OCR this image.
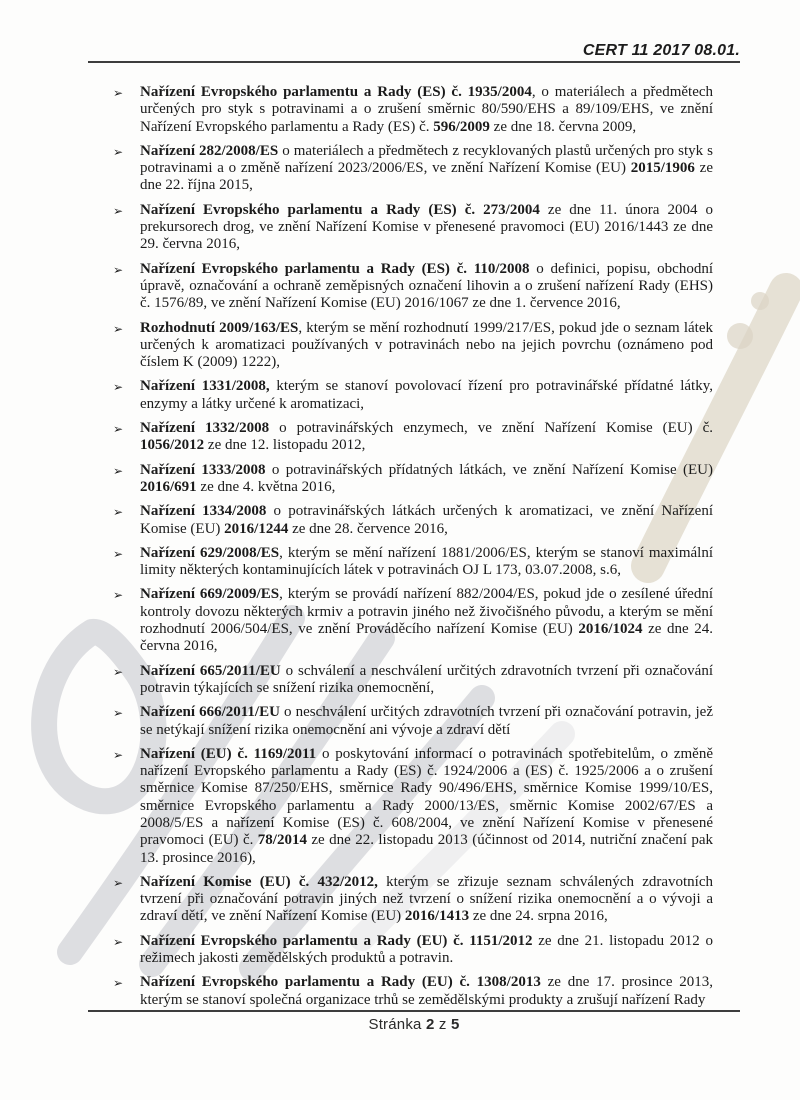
CERT 11 2017 08.01.
➢	Nařízení Evropského parlamentu a Rady (ES) č. 1935/2004, o materiálech a předmětech určených pro styk s potravinami a o zrušení směrnic 80/590/EHS a 89/109/EHS, ve znění Nařízení Evropského parlamentu a Rady (ES) č. 596/2009 ze dne 18. června 2009,

➢	Nařízení 282/2008/ES o materiálech a předmětech z recyklovaných plastů určených pro styk s potravinami a o změně nařízení 2023/2006/ES, ve znění Nařízení Komise (EU) 2015/1906 ze dne 22. října 2015,

➢	Nařízení Evropského parlamentu a Rady (ES) č. 273/2004 ze dne 11. února 2004 o prekursorech drog, ve znění Nařízení Komise v přenesené pravomoci (EU) 2016/1443 ze dne 29. června 2016,

➢	Nařízení Evropského parlamentu a Rady (ES) č. 110/2008 o definici, popisu, obchodní úpravě, označování a ochraně zeměpisných označení lihovin a o zrušení nařízení Rady (EHS) č. 1576/89, ve znění Nařízení Komise (EU) 2016/1067 ze dne 1. července 2016,

➢	Rozhodnutí 2009/163/ES, kterým se mění rozhodnutí 1999/217/ES, pokud jde o seznam látek určených k aromatizaci používaných v potravinách nebo na jejich povrchu (oznámeno pod číslem K (2009) 1222),

➢	Nařízení 1331/2008, kterým se stanoví povolovací řízení pro potravinářské přídatné látky, enzymy a látky určené k aromatizaci,

➢	Nařízení 1332/2008 o potravinářských enzymech, ve znění Nařízení Komise (EU) č. 1056/2012 ze dne 12. listopadu 2012,

➢	Nařízení 1333/2008 o potravinářských přídatných látkách, ve znění Nařízení Komise (EU) 2016/691 ze dne 4. května 2016,

➢	Nařízení 1334/2008 o potravinářských látkách určených k aromatizaci, ve znění Nařízení Komise (EU) 2016/1244 ze dne 28. července 2016,

➢	Nařízení 629/2008/ES, kterým se mění nařízení 1881/2006/ES, kterým se stanoví maximální limity některých kontaminujících látek v potravinách OJ L 173, 03.07.2008, s.6,

➢	Nařízení 669/2009/ES, kterým se provádí nařízení 882/2004/ES, pokud jde o zesílené úřední kontroly dovozu některých krmiv a potravin jiného než živočišného původu, a kterým se mění rozhodnutí 2006/504/ES, ve znění Prováděcího nařízení Komise (EU) 2016/1024 ze dne 24. června 2016,

➢	Nařízení 665/2011/EU o schválení a neschválení určitých zdravotních tvrzení při označování potravin týkajících se snížení rizika onemocnění,

➢	Nařízení 666/2011/EU o neschválení určitých zdravotních tvrzení při označování potravin, jež se netýkají snížení rizika onemocnění ani vývoje a zdraví dětí

➢	Nařízení (EU) č. 1169/2011 o poskytování informací o potravinách spotřebitelům, o změně nařízení Evropského parlamentu a Rady (ES) č. 1924/2006 a (ES) č. 1925/2006 a o zrušení směrnice Komise 87/250/EHS, směrnice Rady 90/496/EHS, směrnice Komise 1999/10/ES, směrnice Evropského parlamentu a Rady 2000/13/ES, směrnic Komise 2002/67/ES a 2008/5/ES a nařízení Komise (ES) č. 608/2004, ve znění Nařízení Komise v přenesené pravomoci (EU) č. 78/2014 ze dne 22. listopadu 2013 (účinnost od 2014, nutriční značení pak 13. prosince 2016),

➢	Nařízení Komise (EU) č. 432/2012, kterým se zřizuje seznam schválených zdravotních tvrzení při označování potravin jiných než tvrzení o snížení rizika onemocnění a o vývoji a zdraví dětí, ve znění Nařízení Komise (EU) 2016/1413 ze dne 24. srpna 2016,

➢	Nařízení Evropského parlamentu a Rady (EU) č. 1151/2012 ze dne 21. listopadu 2012 o režimech jakosti zemědělských produktů a potravin.

➢	Nařízení Evropského parlamentu a Rady (EU) č. 1308/2013 ze dne 17. prosince 2013, kterým se stanoví společná organizace trhů se zemědělskými produkty a zrušují nařízení Rady

Stránka 2 z 5
